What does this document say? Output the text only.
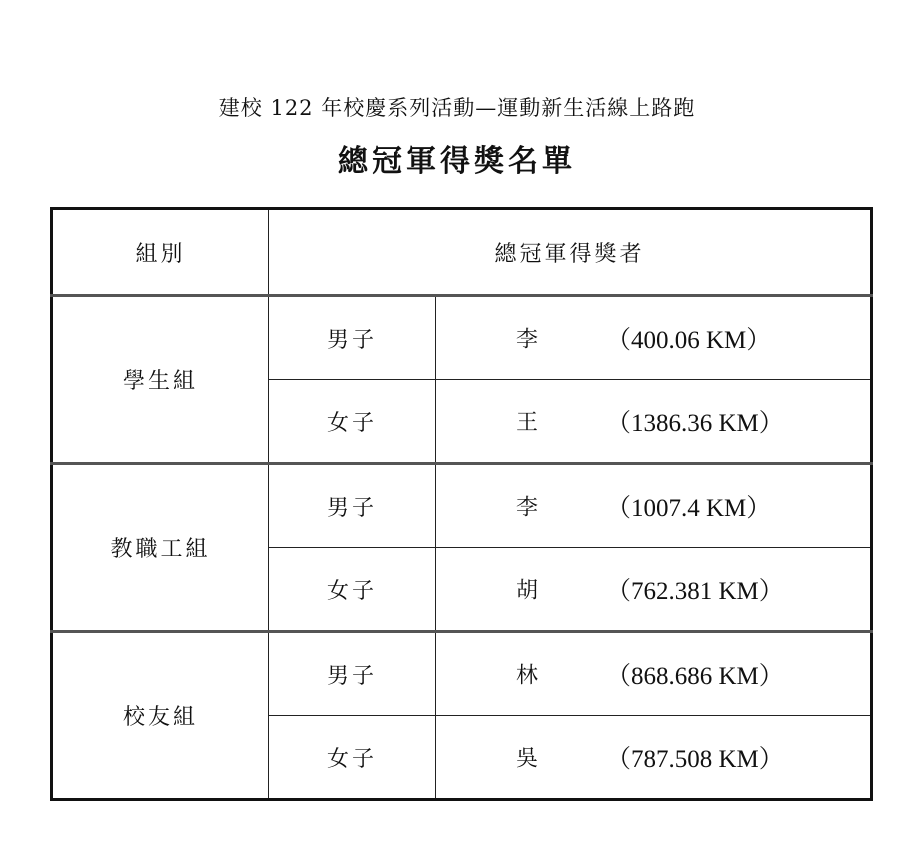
建校 122 年校慶系列活動—運動新生活線上路跑
總冠軍得獎名單
組別	總冠軍得獎者	
學生組	男子	李 （400.06 KM）

	女子	王 （1386.36 KM）

教職工組	男子	李 （1007.4 KM）

	女子	胡 （762.381 KM）

校友組	男子	林 （868.686 KM）

	女子	吳 （787.508 KM）
